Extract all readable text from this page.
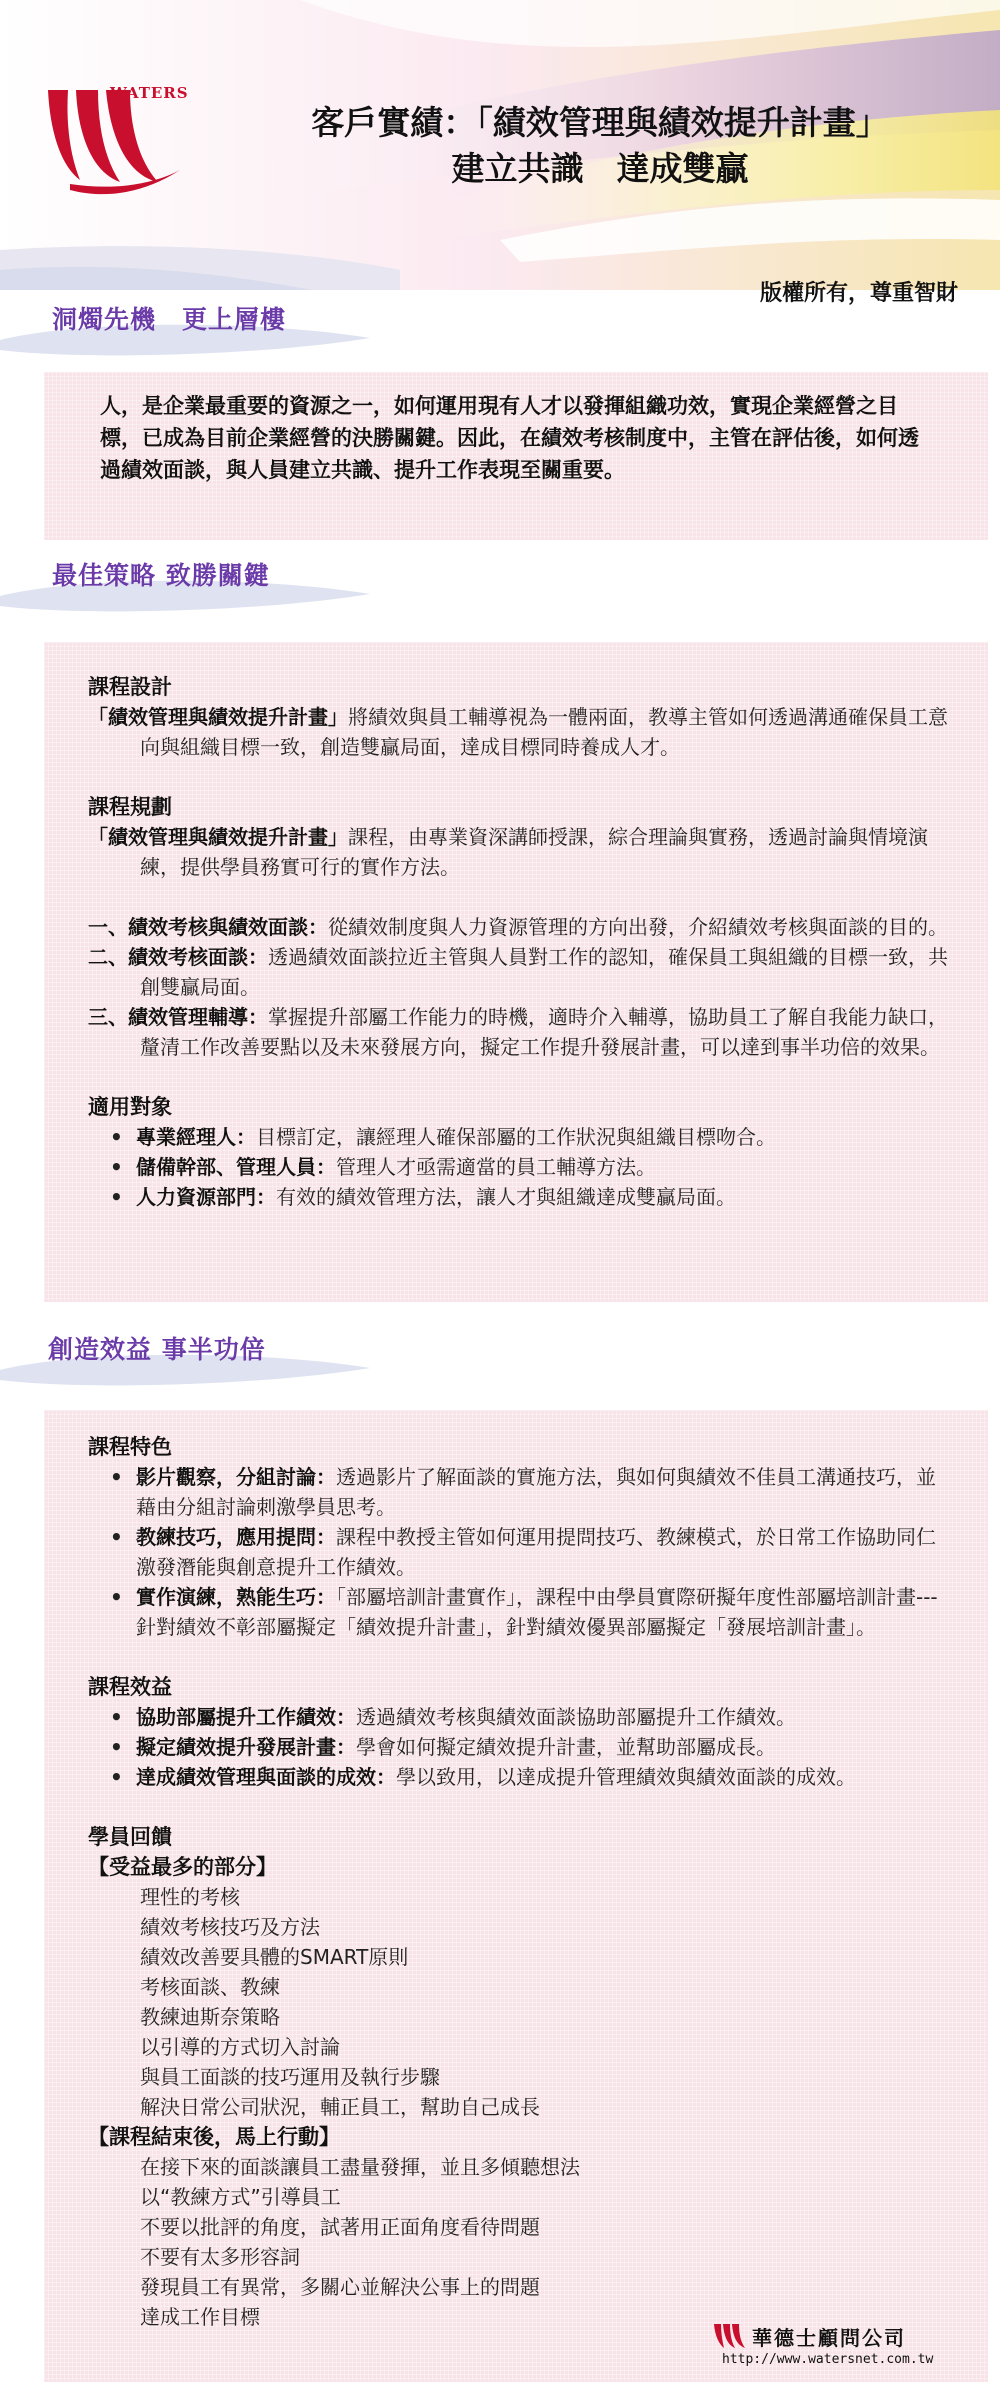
WATERS
客戶實績：「績效管理與績效提升計畫」
建立共識　達成雙贏
版權所有，尊重智財
洞燭先機　更上層樓
人，是企業最重要的資源之一，如何運用現有人才以發揮組織功效，實現企業經營之目標，已成為目前企業經營的決勝關鍵。因此，在績效考核制度中，主管在評估後，如何透過績效面談，與人員建立共識、提升工作表現至關重要。
最佳策略 致勝關鍵

課程設計

「績效管理與績效提升計畫」將績效與員工輔導視為一體兩面，教導主管如何透過溝通確保員工意向與組織目標一致，創造雙贏局面，達成目標同時養成人才。

課程規劃

「績效管理與績效提升計畫」課程，由專業資深講師授課，綜合理論與實務，透過討論與情境演練，提供學員務實可行的實作方法。

一、績效考核與績效面談：從績效制度與人力資源管理的方向出發，介紹績效考核與面談的目的。

二、績效考核面談：透過績效面談拉近主管與人員對工作的認知，確保員工與組織的目標一致，共創雙贏局面。

三、績效管理輔導：掌握提升部屬工作能力的時機，適時介入輔導，協助員工了解自我能力缺口，釐清工作改善要點以及未來發展方向，擬定工作提升發展計畫，可以達到事半功倍的效果。

適用對象

• 專業經理人：目標訂定，讓經理人確保部屬的工作狀況與組織目標吻合。
• 儲備幹部、管理人員：管理人才亟需適當的員工輔導方法。
• 人力資源部門：有效的績效管理方法，讓人才與組織達成雙贏局面。
創造效益 事半功倍

課程特色

• 影片觀察，分組討論：透過影片了解面談的實施方法，與如何與績效不佳員工溝通技巧，並藉由分組討論刺激學員思考。
• 教練技巧，應用提問：課程中教授主管如何運用提問技巧、教練模式，於日常工作協助同仁激發潛能與創意提升工作績效。
• 實作演練，熟能生巧：「部屬培訓計畫實作」，課程中由學員實際研擬年度性部屬培訓計畫---針對績效不彰部屬擬定「績效提升計畫」，針對績效優異部屬擬定「發展培訓計畫」。

課程效益

• 協助部屬提升工作績效：透過績效考核與績效面談協助部屬提升工作績效。
• 擬定績效提升發展計畫：學會如何擬定績效提升計畫，並幫助部屬成長。
• 達成績效管理與面談的成效：學以致用，以達成提升管理績效與績效面談的成效。

學員回饋

【受益最多的部分】

理性的考核
績效考核技巧及方法
績效改善要具體的SMART原則
考核面談、教練
教練迪斯奈策略
以引導的方式切入討論
與員工面談的技巧運用及執行步驟
解決日常公司狀況，輔正員工，幫助自己成長

【課程結束後，馬上行動】

在接下來的面談讓員工盡量發揮，並且多傾聽想法
以“教練方式”引導員工
不要以批評的角度，試著用正面角度看待問題
不要有太多形容詞
發現員工有異常，多關心並解決公事上的問題
達成工作目標
華德士顧問公司
http://www.watersnet.com.tw
